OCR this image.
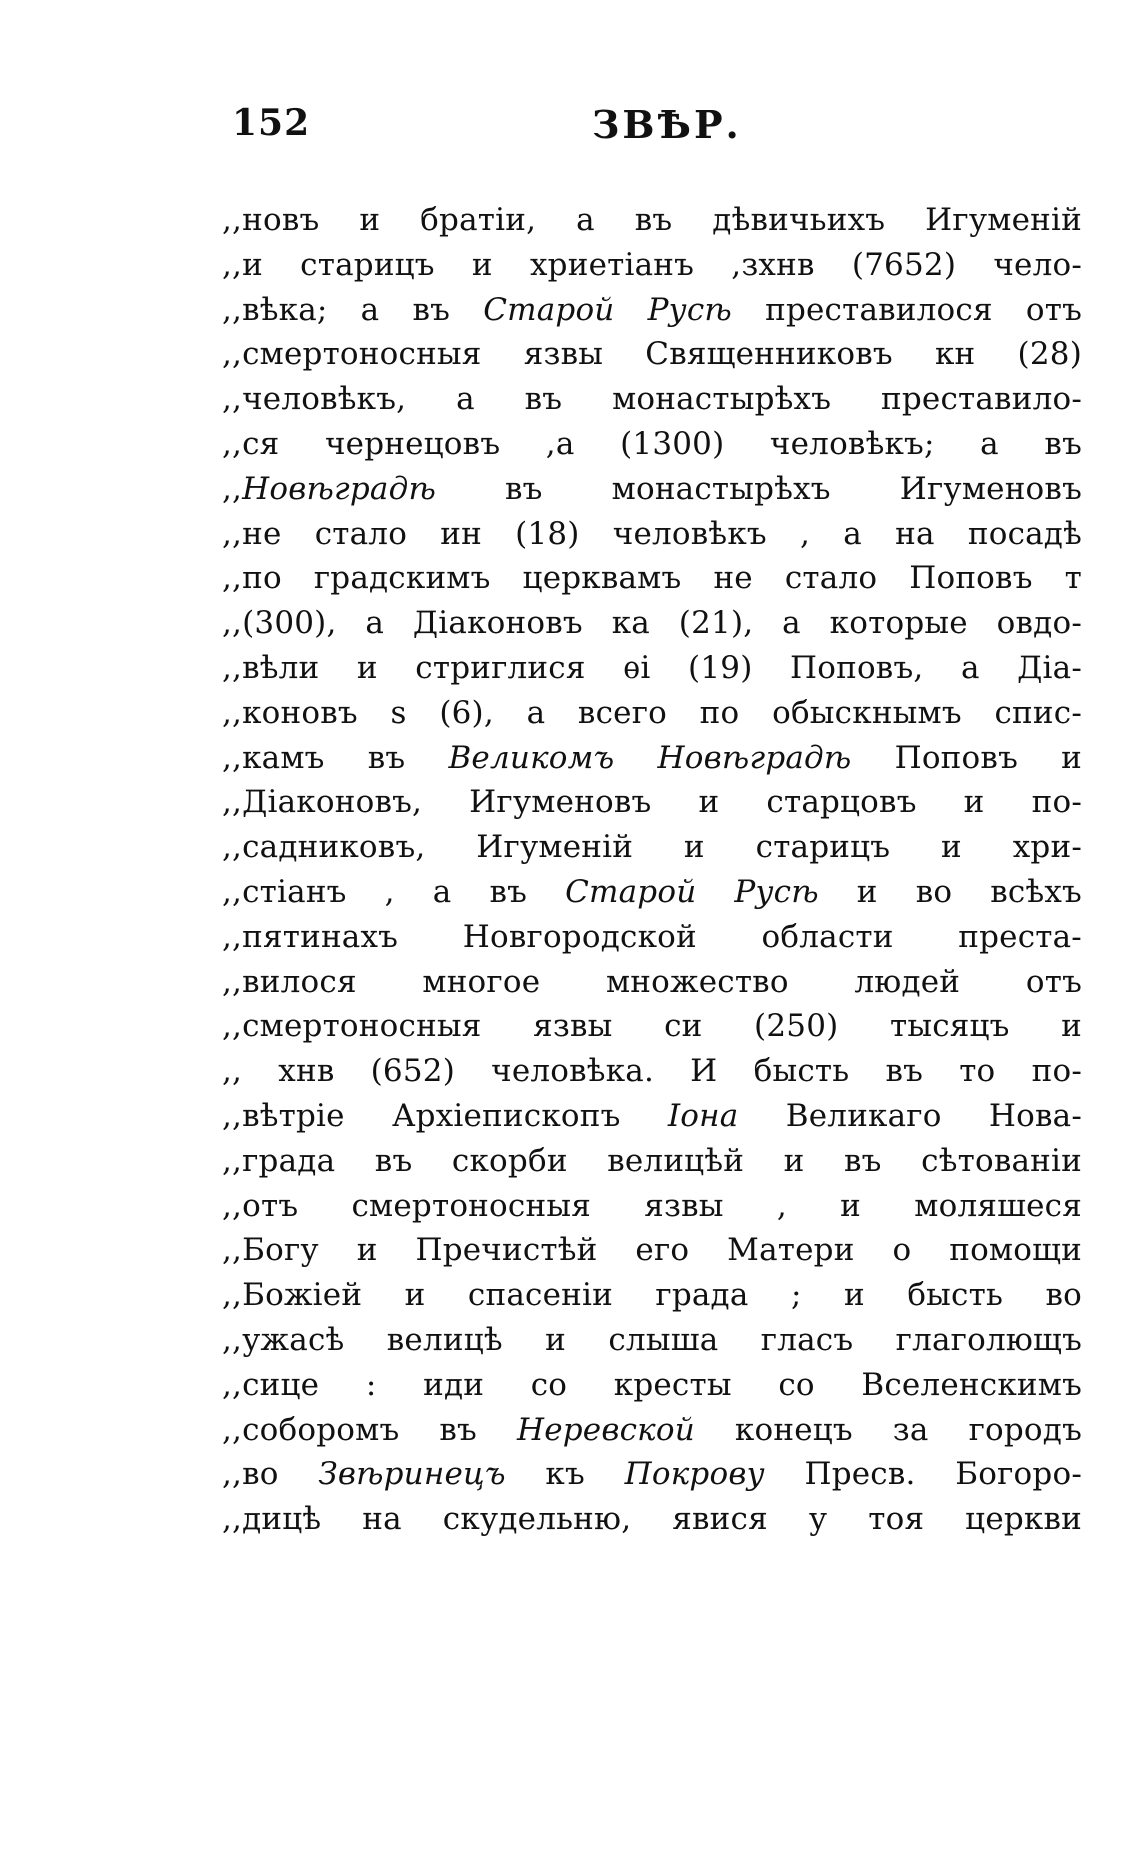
152	ЗВѢР.
,,новъ и братiи, а въ дѣвичьихъ Игуменiй
,,и старицъ и хриетiанъ ,зхнв (7652) чело-
,,вѣка; а въ Старой Русѣ преставилося отъ
,,смертоносныя язвы Священниковъ кн (28)
,,человѣкъ, а въ монастырѣхъ преставило-
,,ся чернецовъ ,а (1300) человѣкъ; а въ
,,Новѣградѣ въ монастырѣхъ Игуменовъ
,,не стало ин (18) человѣкъ , а на посадѣ
,,по градскимъ церквамъ не стало Поповъ т
,,(300), а Дiаконовъ ка (21), а которые овдо-
,,вѣли и стриглися ѳi (19) Поповъ, а Дiа-
,,коновъ s (6), а всего по обыскнымъ спис-
,,камъ въ Великомъ Новѣградѣ Поповъ и
,,Дiаконовъ, Игуменовъ и старцовъ и по-
,,садниковъ, Игуменiй и старицъ и хри-
,,стiанъ , а въ Старой Русѣ и во всѣхъ
,,пятинахъ Новгородской области преста-
,,вилося многое множество людей отъ
,,смертоносныя язвы си (250) тысяцъ и
,, хнв (652) человѣка. И бысть въ то по-
,,вѣтрiе Архiепископъ Iона Великаго Нова-
,,града въ скорби велицѣй и въ сѣтованiи
,,отъ смертоносныя язвы , и моляшеся
,,Богу и Пречистѣй его Матери о помощи
,,Божiей и спасенiи града ; и бысть во
,,ужасѣ велицѣ и слыша гласъ глаголющъ
,,сице : иди со кресты со Вселенскимъ
,,соборомъ въ Неревской конецъ за городъ
,,во Звѣринецъ къ Покрову Пресв. Богоро-
,,дицѣ на скудельню, явися у тоя церкви
